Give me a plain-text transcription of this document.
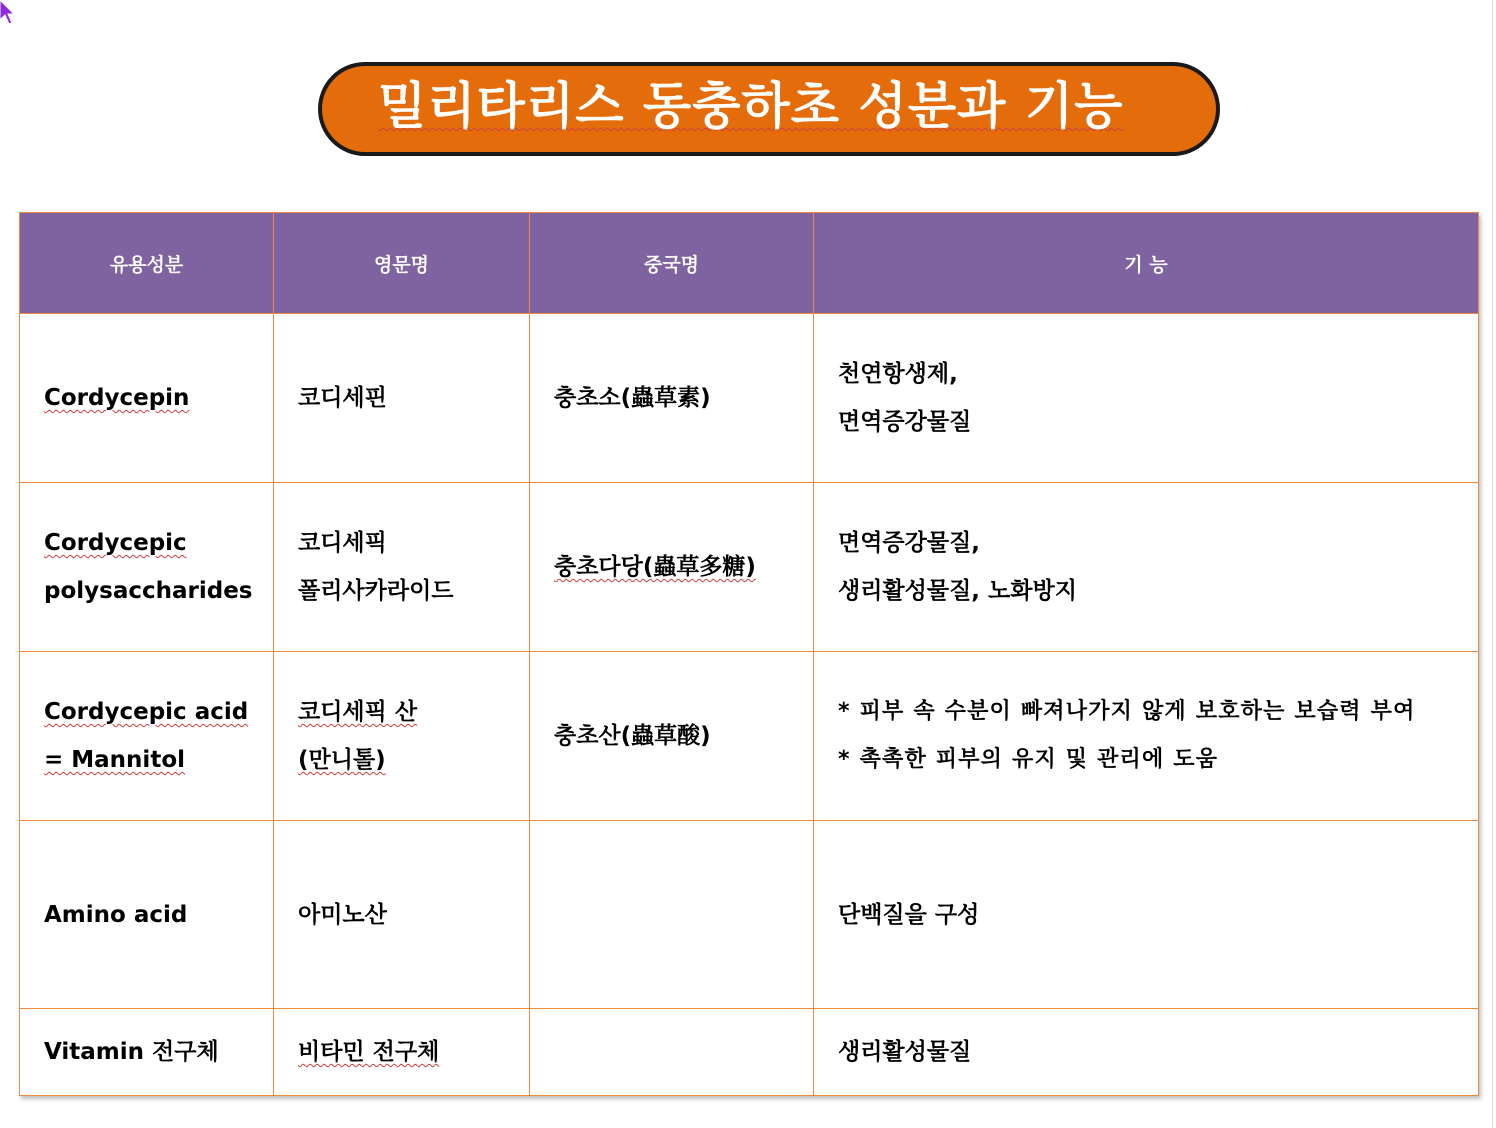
밀리타리스 동충하초 성분과 기능
유용성분	영문명	중국명	기 능

Cordycepin	코디세핀	충초소(蟲草素)	천연항생제,
면역증강물질

Cordycepic
polysaccharides	코디세픽
폴리사카라이드	충초다당(蟲草多糖)	면역증강물질,
생리활성물질, 노화방지

Cordycepic acid
= Mannitol	코디세픽 산
(만니톨)	충초산(蟲草酸)	* 피부 속 수분이 빠져나가지 않게 보호하는 보습력 부여
* 촉촉한 피부의 유지 및 관리에 도움

Amino acid	아미노산		단백질을 구성

Vitamin 전구체	비타민 전구체		생리활성물질
